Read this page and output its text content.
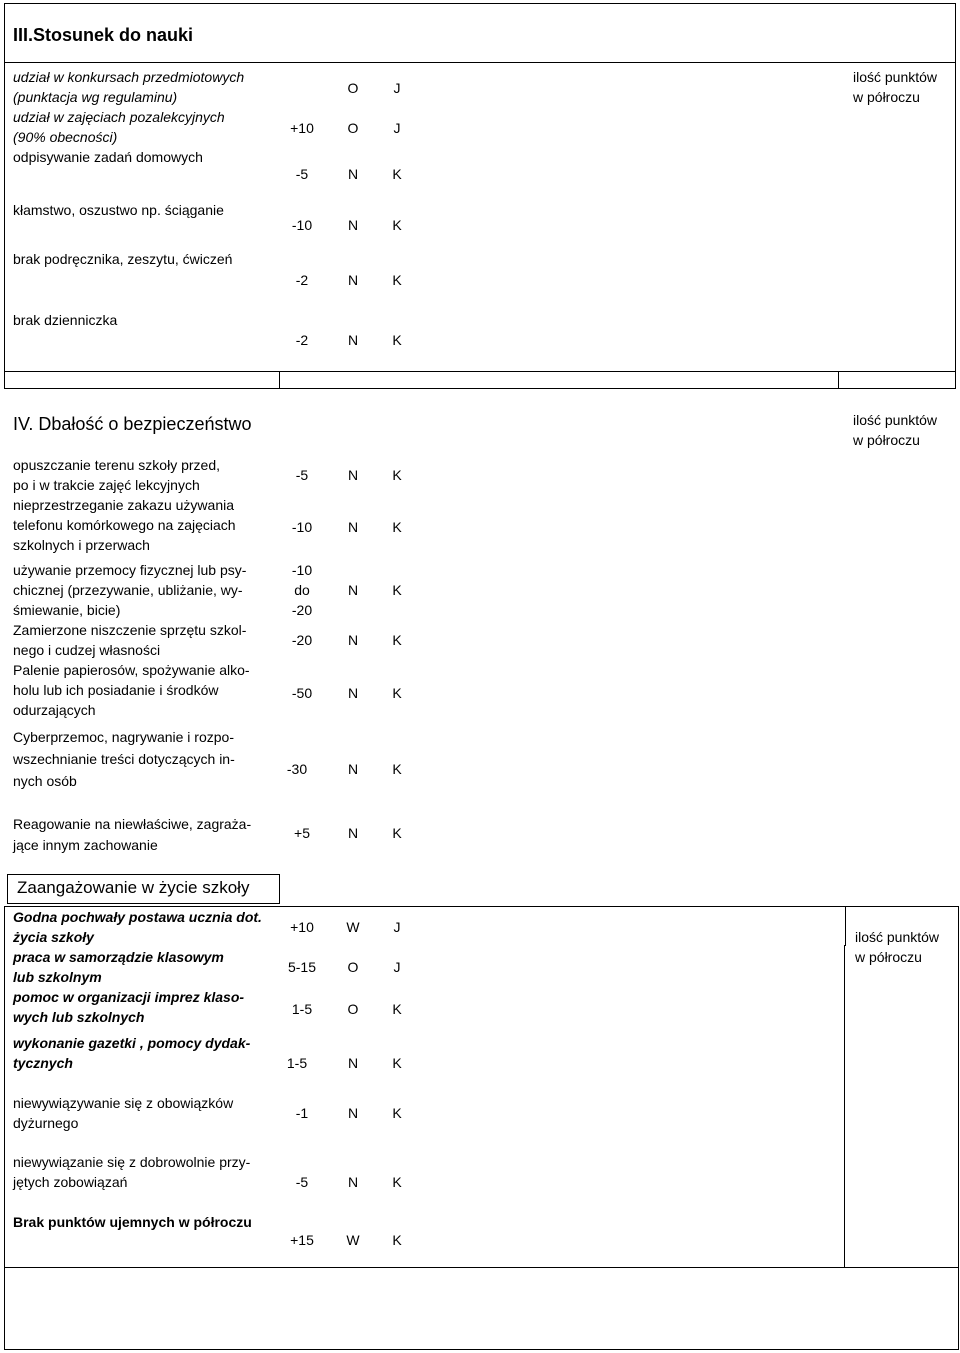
III.Stosunek do nauki
ilość punktów
w półroczu
udział w konkursach przedmiotowych
(punktacja wg regulaminu)
O	J
udział w zajęciach pozalekcyjnych
(90% obecności)
+10	O	J
odpisywanie zadań domowych
-5	N K
kłamstwo, oszustwo np. ściąganie
-10	N K
brak podręcznika, zeszytu, ćwiczeń
-2	N K
brak dzienniczka
-2	N K
IV. Dbałość o bezpieczeństwo	ilość punktów
w półroczu
opuszczanie terenu szkoły przed,
po i w trakcie zajęć lekcyjnych
-5	N K
nieprzestrzeganie zakazu używania
telefonu komórkowego na zajęciach
szkolnych i przerwach
-10	N K
używanie przemocy fizycznej lub psy-
chicznej (przezywanie, ubliżanie, wy-
śmiewanie, bicie)
-10
do
-20
N K
Zamierzone niszczenie sprzętu szkol-
nego i cudzej własności
-20	N K
Palenie papierosów, spożywanie alko-
holu lub ich posiadanie i środków
odurzających
-50	N K
Cyberprzemoc, nagrywanie i rozpo-
wszechnianie treści dotyczących in-
nych osób
-30	N K
Reagowanie na niewłaściwe, zagraża-
jące innym zachowanie
+5	N K
Zaangażowanie w życie szkoły
ilość punktów
w półroczu
Godna pochwały postawa ucznia dot.
życia szkoły
+10	W	J
praca w samorządzie klasowym
lub szkolnym
5-15	O	J
pomoc w organizacji imprez klaso-
wych lub szkolnych	1-5	O K
wykonanie gazetki , pomocy dydak-
tycznych	1-5	N K
niewywiązywanie się z obowiązków
dyżurnego
-1	N K
niewywiązanie się z dobrowolnie przy-
jętych zobowiązań	-5	N K
Brak punktów ujemnych w półroczu
+15	W K
